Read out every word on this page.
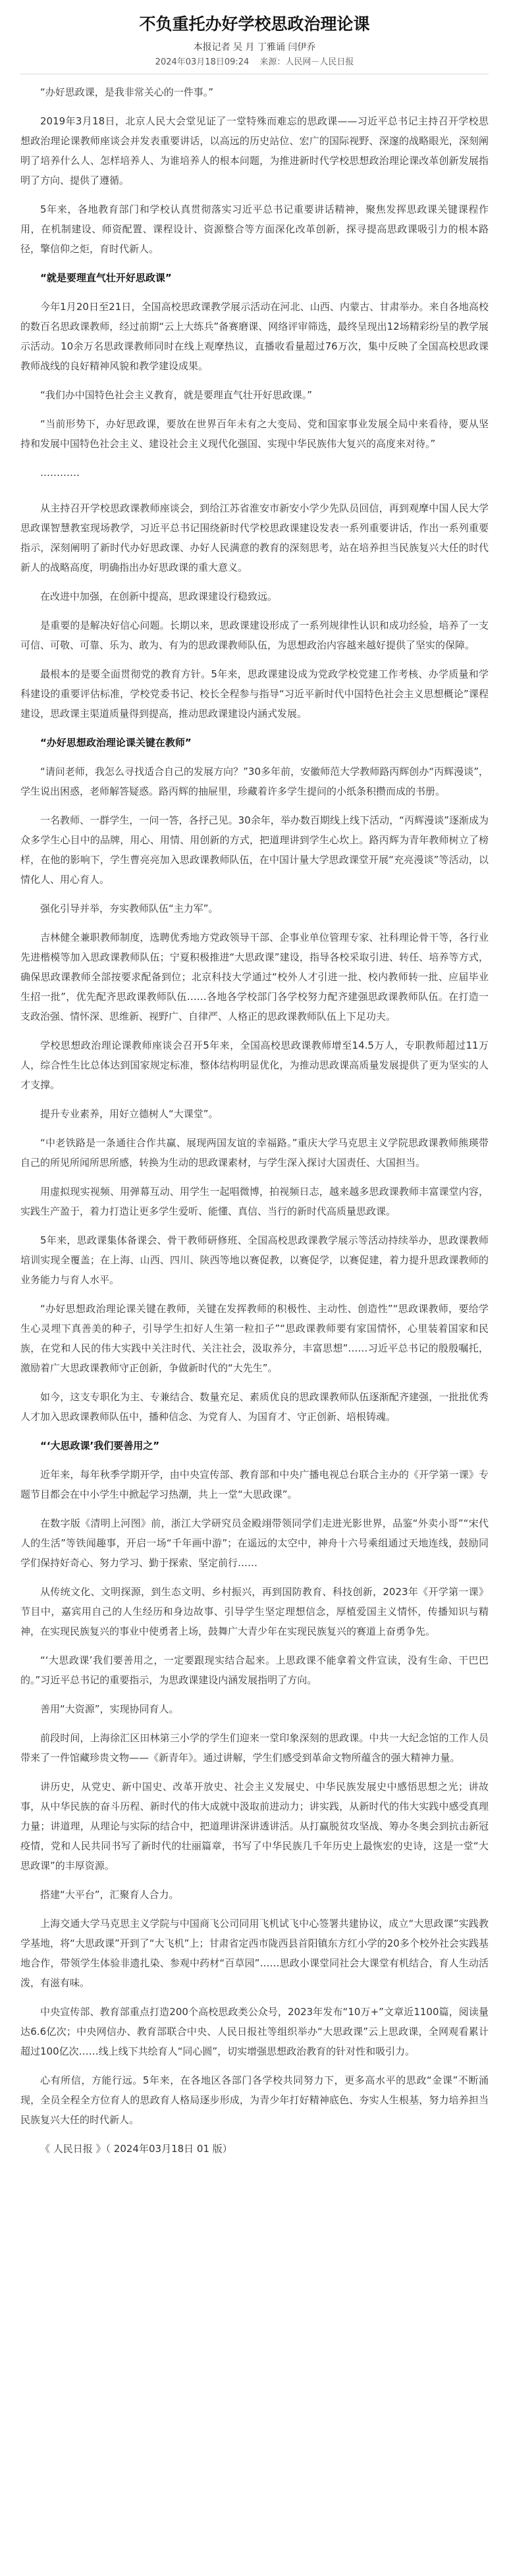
不负重托办好学校思政治理论课
本报记者 吴 月 丁雅诵 闫伊乔
2024年03月18日09:24 来源：人民网－人民日报

“办好思政课，是我非常关心的一件事。”

2019年3月18日，北京人民大会堂见证了一堂特殊而难忘的思政课——习近平总书记主持召开学校思想政治理论课教师座谈会并发表重要讲话，以高远的历史站位、宏广的国际视野、深邃的战略眼光，深刻阐明了培养什么人、怎样培养人、为谁培养人的根本问题，为推进新时代学校思想政治理论课改革创新发展指明了方向、提供了遵循。

5年来，各地教育部门和学校认真贯彻落实习近平总书记重要讲话精神，聚焦发挥思政课关键课程作用，在机制建设、师资配置、课程设计、资源整合等方面深化改革创新，探寻提高思政课吸引力的根本路径，擎信仰之炬，育时代新人。

“就是要理直气壮开好思政课”

今年1月20日至21日，全国高校思政课教学展示活动在河北、山西、内蒙古、甘肃举办。来自各地高校的数百名思政课教师，经过前期“云上大练兵”备赛磨课、网络评审筛选，最终呈现出12场精彩纷呈的教学展示活动。10余万名思政课教师同时在线上观摩热议，直播收看量超过76万次，集中反映了全国高校思政课教师战线的良好精神风貌和教学建设成果。

“我们办中国特色社会主义教育，就是要理直气壮开好思政课。”

“当前形势下，办好思政课，要放在世界百年未有之大变局、党和国家事业发展全局中来看待，要从坚持和发展中国特色社会主义、建设社会主义现代化强国、实现中华民族伟大复兴的高度来对待。”

…………

从主持召开学校思政课教师座谈会，到给江苏省淮安市新安小学少先队员回信，再到观摩中国人民大学思政课智慧教室现场教学，习近平总书记围绕新时代学校思政课建设发表一系列重要讲话，作出一系列重要指示，深刻阐明了新时代办好思政课、办好人民满意的教育的深刻思考，站在培养担当民族复兴大任的时代新人的战略高度，明确指出办好思政课的重大意义。

在改进中加强，在创新中提高，思政课建设行稳致远。

是重要的是解决好信心问题。长期以来，思政课建设形成了一系列规律性认识和成功经验，培养了一支可信、可敬、可靠、乐为、敢为、有为的思政课教师队伍，为思想政治内容越来越好提供了坚实的保障。

最根本的是要全面贯彻党的教育方针。5年来，思政课建设成为党政学校党建工作考核、办学质量和学科建设的重要评估标准，学校党委书记、校长全程参与指导“习近平新时代中国特色社会主义思想概论”课程建设，思政课主渠道质量得到提高，推动思政课建设内涵式发展。

“办好思想政治理论课关键在教师”

“请问老师，我怎么寻找适合自己的发展方向？”30多年前，安徽师范大学教师路丙辉创办“丙辉漫谈”，学生说出困惑，老师解答疑惑。路丙辉的抽屉里，珍藏着许多学生提问的小纸条积攒而成的书册。

一名教师、一群学生，一问一答，各抒己见。30余年，举办数百期线上线下活动，“丙辉漫谈”逐渐成为众多学生心目中的品牌，用心、用情、用创新的方式，把道理讲到学生心坎上。路丙辉为青年教师树立了榜样，在他的影响下，学生曹亮亮加入思政课教师队伍，在中国计量大学思政课堂开展“充亮漫谈”等活动，以情化人、用心育人。

强化引导并举，夯实教师队伍“主力军”。

吉林健全兼职教师制度，选聘优秀地方党政领导干部、企事业单位管理专家、社科理论骨干等，各行业先进楷模等加入思政课教师队伍；宁夏积极推进“大思政课”建设，指导各校采取引进、转任、培养等方式，确保思政课教师全部按要求配备到位；北京科技大学通过“校外人才引进一批、校内教师转一批、应届毕业生招一批”，优先配齐思政课教师队伍……各地各学校部门各学校努力配齐建强思政课教师队伍。在打造一支政治强、情怀深、思维新、视野广、自律严、人格正的思政课教师队伍上下足功夫。

学校思想政治理论课教师座谈会召开5年来，全国高校思政课教师增至14.5万人，专职教师超过11万人，综合性生比总体达到国家规定标准，整体结构明显优化，为推动思政课高质量发展提供了更为坚实的人才支撑。

提升专业素养，用好立德树人“大课堂”。

“中老铁路是一条通往合作共赢、展现两国友谊的幸福路。”重庆大学马克思主义学院思政课教师熊瑛带自己的所见所闻所思所感，转换为生动的思政课素材，与学生深入探讨大国责任、大国担当。

用虚拟现实视频、用弹幕互动、用学生一起唱微博，拍视频日志，越来越多思政课教师丰富课堂内容，实践生产盈于，着力打造让更多学生爱听、能懂、真信、当行的新时代高质量思政课。

5年来，思政课集体备课会、骨干教师研修班、全国高校思政课教学展示等活动持续举办，思政课教师培训实现全覆盖；在上海、山西、四川、陕西等地以赛促教，以赛促学，以赛促建，着力提升思政课教师的业务能力与育人水平。

“办好思想政治理论课关键在教师，关键在发挥教师的积极性、主动性、创造性”“思政课教师，要给学生心灵埋下真善美的种子，引导学生扣好人生第一粒扣子”“思政课教师要有家国情怀，心里装着国家和民族，在党和人民的伟大实践中关注时代、关注社会，汲取养分，丰富思想”……习近平总书记的殷殷嘱托，激励着广大思政课教师守正创新，争做新时代的“大先生”。

如今，这支专职化为主、专兼结合、数量充足、素质优良的思政课教师队伍逐渐配齐建强，一批批优秀人才加入思政课教师队伍中，播种信念、为党育人、为国育才、守正创新、培根铸魂。

“‘大思政课’我们要善用之”

近年来，每年秋季学期开学，由中央宣传部、教育部和中央广播电视总台联合主办的《开学第一课》专题节目都会在中小学生中掀起学习热潮，共上一堂“大思政课”。

在数字版《清明上河图》前，浙江大学研究员金殿翊带领同学们走进光影世界，品鉴“外卖小哥”“宋代人的生活”等铁闻趣事，开启一场“千年画中游”；在遥远的太空中，神舟十六号乘组通过天地连线，鼓励同学们保持好奇心、努力学习、勤于探索、坚定前行……

从传统文化、文明探源，到生态文明、乡村振兴，再到国防教育、科技创新，2023年《开学第一课》节目中，嘉宾用自己的人生经历和身边故事、引导学生坚定理想信念，厚植爱国主义情怀，传播知识与精神，在实现民族复兴的事业中使勇者上场，鼓舞广大青少年在实现民族复兴的赛道上奋勇争先。

“‘大思政课’我们要善用之，一定要跟现实结合起来。上思政课不能拿着文件宣读，没有生命、干巴巴的。”习近平总书记的重要指示，为思政课建设内涵发展指明了方向。

善用“大资源”，实现协同育人。

前段时间，上海徐汇区田林第三小学的学生们迎来一堂印象深刻的思政课。中共一大纪念馆的工作人员带来了一件馆藏珍贵文物——《新青年》。通过讲解，学生们感受到革命文物所蕴含的强大精神力量。

讲历史，从党史、新中国史、改革开放史、社会主义发展史、中华民族发展史中感悟思想之光；讲故事，从中华民族的奋斗历程、新时代的伟大成就中汲取前进动力；讲实践，从新时代的伟大实践中感受真理力量；讲道理，从理论与实际的结合中，把道理讲深讲透讲活。从打赢脱贫攻坚战、筹办冬奥会到抗击新冠疫情，党和人民共同书写了新时代的壮丽篇章，书写了中华民族几千年历史上最恢宏的史诗，这是一堂“大思政课”的丰厚资源。

搭建“大平台”，汇聚育人合力。

上海交通大学马克思主义学院与中国商飞公司同用飞机试飞中心签署共建协议，成立“大思政课”实践教学基地，将“大思政课”开到了“大飞机”上；甘肃省定西市陇西县首阳镇东方红小学的20多个校外社会实践基地合作，带领学生体验非遗扎染、参观中药材“百草园”……思政小课堂同社会大课堂有机结合，育人生动活泼，有滋有味。

中央宣传部、教育部重点打造200个高校思政类公众号，2023年发布“10万+”文章近1100篇，阅读量达6.6亿次；中央网信办、教育部联合中央、人民日报社等组织举办“大思政课”云上思政课，全网观看累计超过100亿次……线上线下共绘育人“同心圆”，切实增强思想政治教育的针对性和吸引力。

心有所信，方能行远。5年来，在各地区各部门各学校共同努力下，更多高水平的思政“金课”不断涌现，全员全程全方位育人的思政育人格局逐步形成，为青少年打好精神底色、夯实人生根基，努力培养担当民族复兴大任的时代新人。

《 人民日报 》（ 2024年03月18日 01 版）
